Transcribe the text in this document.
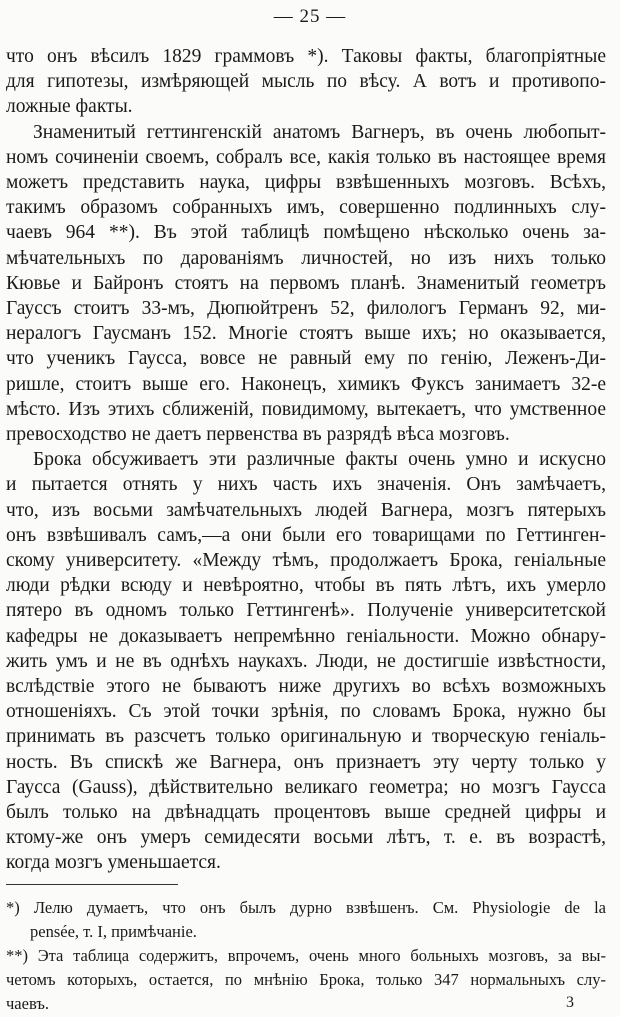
— 25 —
что онъ вѣсилъ 1829 граммовъ *). Таковы факты, благопріятные
для гипотезы, измѣряющей мысль по вѣсу. А вотъ и противопо-
ложные факты.
Знаменитый геттингенскій анатомъ Вагнеръ, въ очень любопыт-
номъ сочиненіи своемъ, собралъ все, какія только въ настоящее время
можетъ представить наука, цифры взвѣшенныхъ мозговъ. Всѣхъ,
такимъ образомъ собранныхъ имъ, совершенно подлинныхъ слу-
чаевъ 964 **). Въ этой таблицѣ помѣщено нѣсколько очень за-
мѣчательныхъ по дарованіямъ личностей, но изъ нихъ только
Кювье и Байронъ стоятъ на первомъ планѣ. Знаменитый геометръ
Гауссъ стоитъ 33-мъ, Дюпюйтренъ 52, филологъ Германъ 92, ми-
нералогъ Гаусманъ 152. Многіе стоятъ выше ихъ; но оказывается,
что ученикъ Гаусса, вовсе не равный ему по генію, Леженъ-Ди-
ришле, стоитъ выше его. Наконецъ, химикъ Фуксъ занимаетъ 32-е
мѣсто. Изъ этихъ сближеній, повидимому, вытекаетъ, что умственное
превосходство не даетъ первенства въ разрядѣ вѣса мозговъ.
Брока обсуживаетъ эти различные факты очень умно и искусно
и пытается отнять у нихъ часть ихъ значенія. Онъ замѣчаетъ,
что, изъ восьми замѣчательныхъ людей Вагнера, мозгъ пятерыхъ
онъ взвѣшивалъ самъ,—а они были его товарищами по Геттинген-
скому университету. «Между тѣмъ, продолжаетъ Брока, геніальные
люди рѣдки всюду и невѣроятно, чтобы въ пять лѣтъ, ихъ умерло
пятеро въ одномъ только Геттингенѣ». Полученіе университетской
кафедры не доказываетъ непремѣнно геніальности. Можно обнару-
жить умъ и не въ однѣхъ наукахъ. Люди, не достигшіе извѣстности,
вслѣдствіе этого не бываютъ ниже другихъ во всѣхъ возможныхъ
отношеніяхъ. Съ этой точки зрѣнія, по словамъ Брока, нужно бы
принимать въ разсчетъ только оригинальную и творческую геніаль-
ность. Въ спискѣ же Вагнера, онъ признаетъ эту черту только у
Гаусса (Gauss), дѣйствительно великаго геометра; но мозгъ Гаусса
былъ только на двѣнадцать процентовъ выше средней цифры и
ктому-же онъ умеръ семидесяти восьми лѣтъ, т. е. въ возрастѣ,
когда мозгъ уменьшается.
*) Лелю думаетъ, что онъ былъ дурно взвѣшенъ. См. Physiologie de la
pensée, т. I, примѣчаніе.
**) Эта таблица содержитъ, впрочемъ, очень много больныхъ мозговъ, за вы-
четомъ которыхъ, остается, по мнѣнію Брока, только 347 нормальныхъ слу-
чаевъ.	3
